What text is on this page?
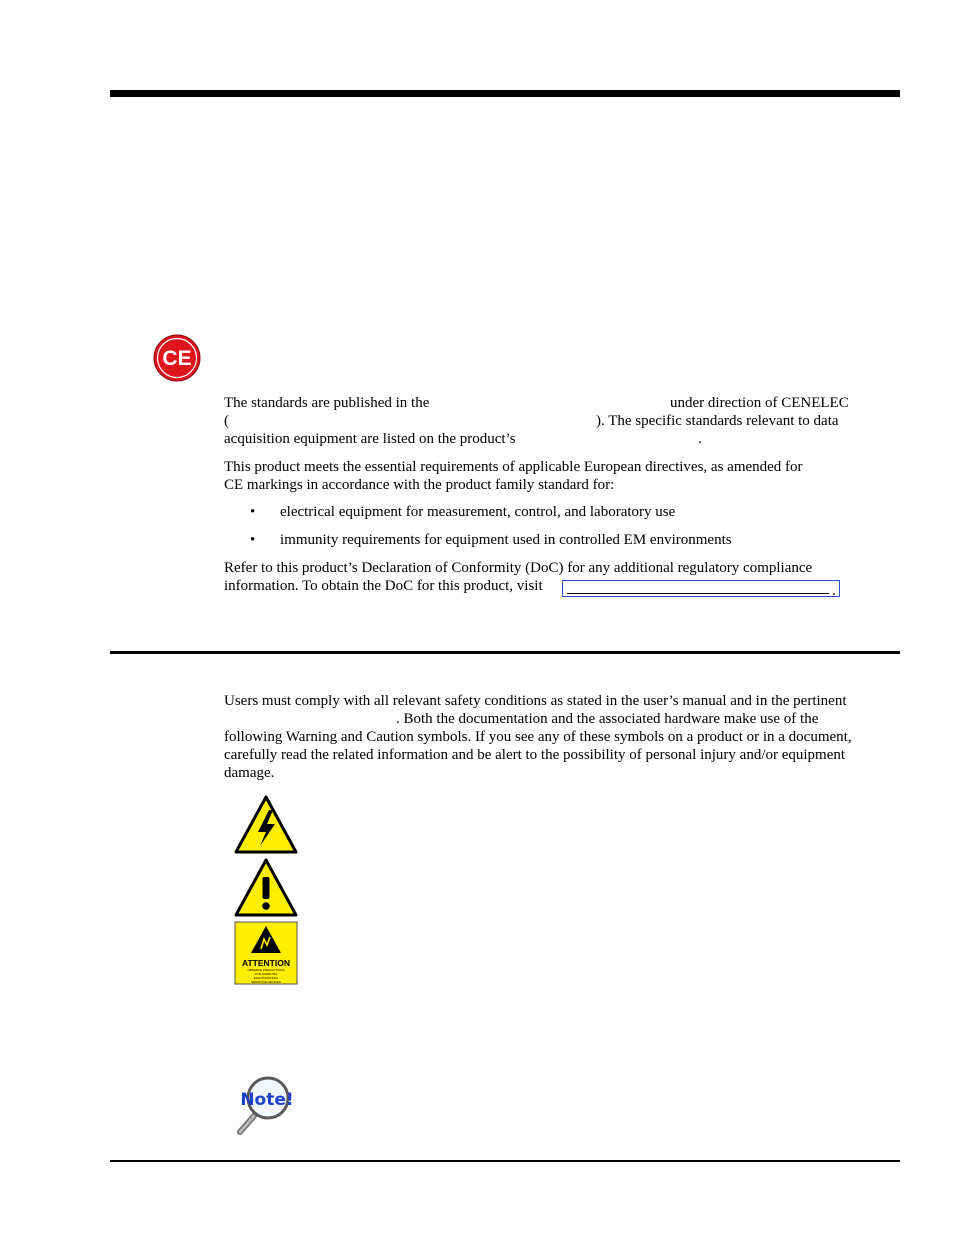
CE
The standards are published in the	under direction of CENELEC
(	). The specific standards relevant to data
acquisition equipment are listed on the product’s	.
This product meets the essential requirements of applicable European directives, as amended for
CE markings in accordance with the product family standard for:
• electrical equipment for measurement, control, and laboratory use
• immunity requirements for equipment used in controlled EM environments
Refer to this product’s Declaration of Conformity (DoC) for any additional regulatory compliance
information. To obtain the DoC for this product, visit	.
Users must comply with all relevant safety conditions as stated in the user’s manual and in the pertinent
. Both the documentation and the associated hardware make use of the
following Warning and Caution symbols. If you see any of these symbols on a product or in a document,
carefully read the related information and be alert to the possibility of personal injury and/or equipment
damage.
ATTENTION
OBSERVE PRECAUTIONS
FOR HANDLING
ELECTROSTATIC
SENSITIVE DEVICES
Note!
